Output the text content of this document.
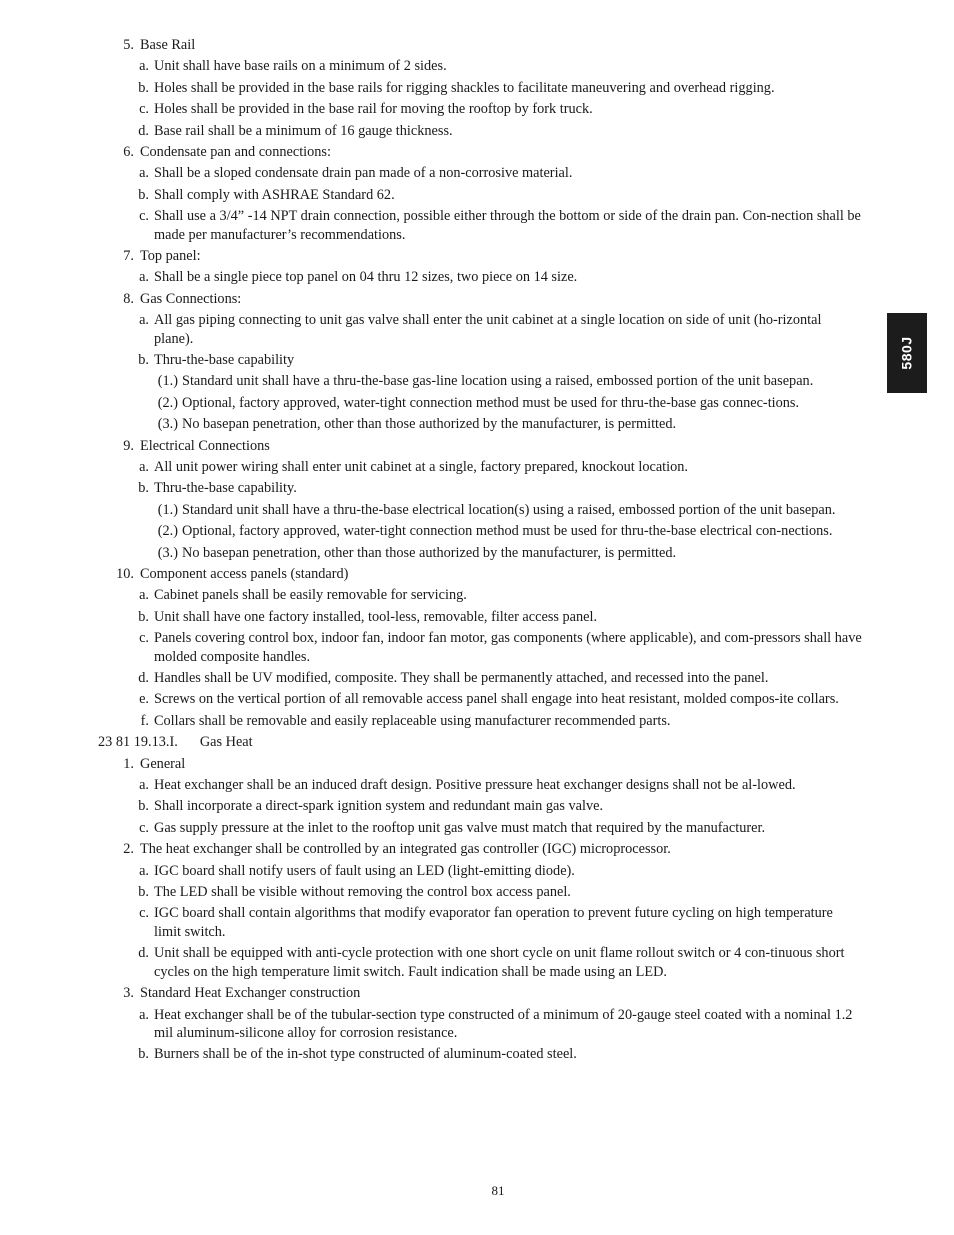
5. Base Rail
a. Unit shall have base rails on a minimum of 2 sides.
b. Holes shall be provided in the base rails for rigging shackles to facilitate maneuvering and overhead rigging.
c. Holes shall be provided in the base rail for moving the rooftop by fork truck.
d. Base rail shall be a minimum of 16 gauge thickness.
6. Condensate pan and connections:
a. Shall be a sloped condensate drain pan made of a non-corrosive material.
b. Shall comply with ASHRAE Standard 62.
c. Shall use a 3/4” -14 NPT drain connection, possible either through the bottom or side of the drain pan. Con-nection shall be made per manufacturer’s recommendations.
7. Top panel:
a. Shall be a single piece top panel on 04 thru 12 sizes, two piece on 14 size.
8. Gas Connections:
a. All gas piping connecting to unit gas valve shall enter the unit cabinet at a single location on side of unit (ho-rizontal plane).
b. Thru-the-base capability
(1.) Standard unit shall have a thru-the-base gas-line location using a raised, embossed portion of the unit basepan.
(2.) Optional, factory approved, water-tight connection method must be used for thru-the-base gas connec-tions.
(3.) No basepan penetration, other than those authorized by the manufacturer, is permitted.
9. Electrical Connections
a. All unit power wiring shall enter unit cabinet at a single, factory prepared, knockout location.
b. Thru-the-base capability.
(1.) Standard unit shall have a thru-the-base electrical location(s) using a raised, embossed portion of the unit basepan.
(2.) Optional, factory approved, water-tight connection method must be used for thru-the-base electrical con-nections.
(3.) No basepan penetration, other than those authorized by the manufacturer, is permitted.
10. Component access panels (standard)
a. Cabinet panels shall be easily removable for servicing.
b. Unit shall have one factory installed, tool-less, removable, filter access panel.
c. Panels covering control box, indoor fan, indoor fan motor, gas components (where applicable), and com-pressors shall have molded composite handles.
d. Handles shall be UV modified, composite. They shall be permanently attached, and recessed into the panel.
e. Screws on the vertical portion of all removable access panel shall engage into heat resistant, molded compos-ite collars.
f. Collars shall be removable and easily replaceable using manufacturer recommended parts.
23 81 19.13.I. Gas Heat
1. General
a. Heat exchanger shall be an induced draft design. Positive pressure heat exchanger designs shall not be al-lowed.
b. Shall incorporate a direct-spark ignition system and redundant main gas valve.
c. Gas supply pressure at the inlet to the rooftop unit gas valve must match that required by the manufacturer.
2. The heat exchanger shall be controlled by an integrated gas controller (IGC) microprocessor.
a. IGC board shall notify users of fault using an LED (light-emitting diode).
b. The LED shall be visible without removing the control box access panel.
c. IGC board shall contain algorithms that modify evaporator fan operation to prevent future cycling on high temperature limit switch.
d. Unit shall be equipped with anti-cycle protection with one short cycle on unit flame rollout switch or 4 con-tinuous short cycles on the high temperature limit switch. Fault indication shall be made using an LED.
3. Standard Heat Exchanger construction
a. Heat exchanger shall be of the tubular-section type constructed of a minimum of 20-gauge steel coated with a nominal 1.2 mil aluminum-silicone alloy for corrosion resistance.
b. Burners shall be of the in-shot type constructed of aluminum-coated steel.
580J
81
